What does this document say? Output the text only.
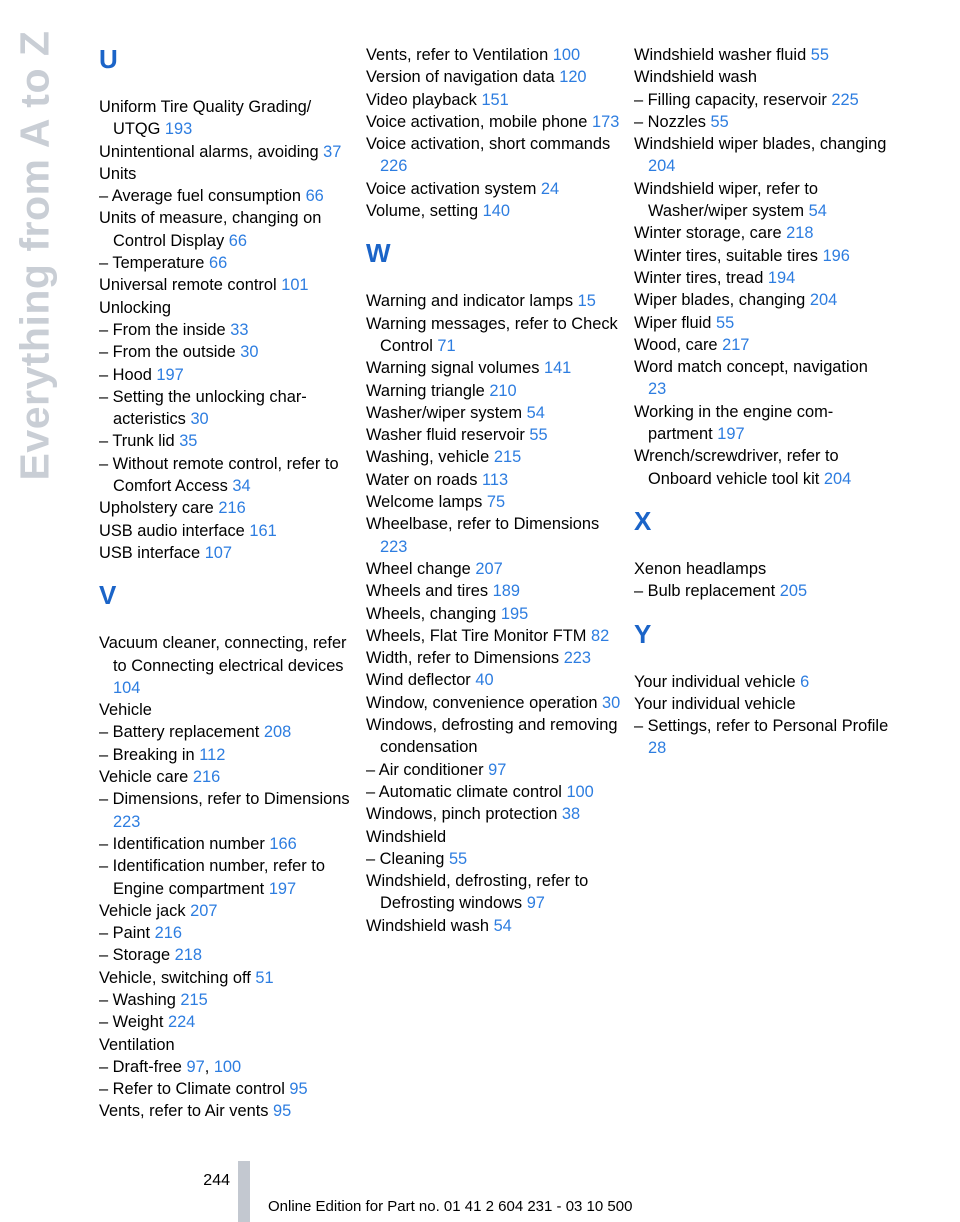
Everything from A to Z U

Uniform Tire Quality Grading/ UTQG 193

Unintentional alarms, avoiding 37

Units

– Average fuel consumption 66

Units of measure, changing on Control Display 66

– Temperature 66

Universal remote control 101

Unlocking

– From the inside 33

– From the outside 30

– Hood 197

– Setting the unlocking characteristics 30

– Trunk lid 35

– Without remote control, refer to Comfort Access 34

Upholstery care 216

USB audio interface 161

USB interface 107

V

Vacuum cleaner, connecting, refer to Connecting electrical devices 104

Vehicle

– Battery replacement 208

– Breaking in 112

Vehicle care 216

– Dimensions, refer to Dimensions 223

– Identification number 166

– Identification number, refer to Engine compartment 197

Vehicle jack 207

– Paint 216

– Storage 218

Vehicle, switching off 51

– Washing 215

– Weight 224

Ventilation

– Draft-free 97, 100

– Refer to Climate control 95

Vents, refer to Air vents 95

Vents, refer to Ventilation 100

Version of navigation data 120

Video playback 151

Voice activation, mobile phone 173

Voice activation, short commands 226

Voice activation system 24

Volume, setting 140

W

Warning and indicator lamps 15

Warning messages, refer to Check Control 71

Warning signal volumes 141

Warning triangle 210

Washer/wiper system 54

Washer fluid reservoir 55

Washing, vehicle 215

Water on roads 113

Welcome lamps 75

Wheelbase, refer to Dimensions 223

Wheel change 207

Wheels and tires 189

Wheels, changing 195

Wheels, Flat Tire Monitor FTM 82

Width, refer to Dimensions 223

Wind deflector 40

Window, convenience operation 30

Windows, defrosting and removing condensation

– Air conditioner 97

– Automatic climate control 100

Windows, pinch protection 38

Windshield

– Cleaning 55

Windshield, defrosting, refer to Defrosting windows 97

Windshield wash 54

Windshield washer fluid 55

Windshield wash

– Filling capacity, reservoir 225

– Nozzles 55

Windshield wiper blades, changing 204

Windshield wiper, refer to Washer/wiper system 54

Winter storage, care 218

Winter tires, suitable tires 196

Winter tires, tread 194

Wiper blades, changing 204

Wiper fluid 55

Wood, care 217

Word match concept, navigation 23

Working in the engine compartment 197

Wrench/screwdriver, refer to Onboard vehicle tool kit 204

X

Xenon headlamps

– Bulb replacement 205

Y

Your individual vehicle 6

Your individual vehicle

– Settings, refer to Personal Profile 28

244
Online Edition for Part no. 01 41 2 604 231 - 03 10 500
